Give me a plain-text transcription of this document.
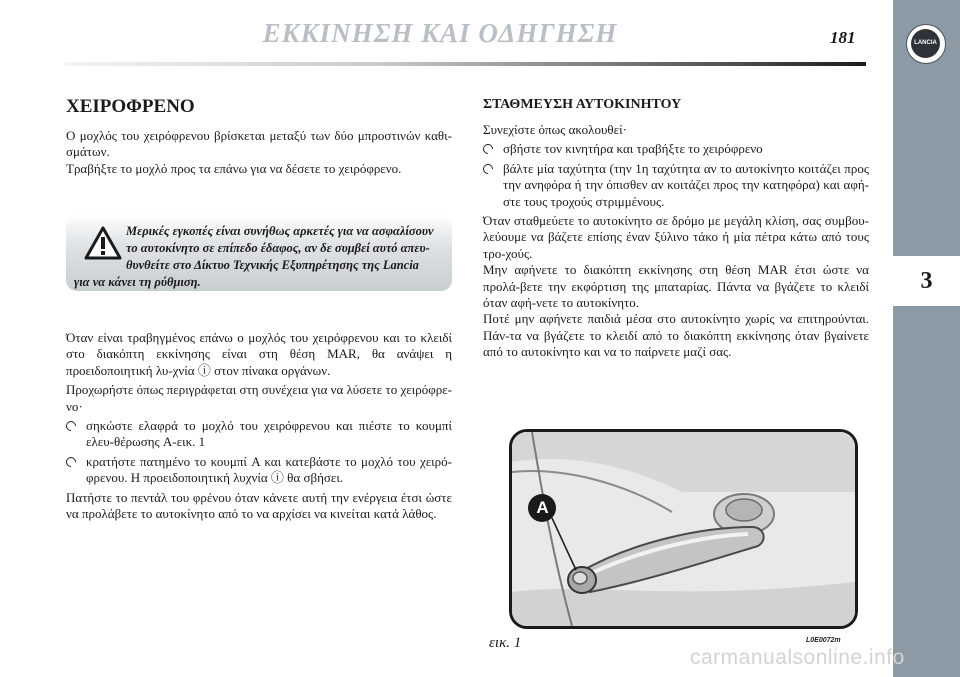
ΕΚΚΙΝΗΣΗ ΚΑΙ ΟΔΗΓΗΣΗ	181	LANCIA
3
ΧΕΙΡΟΦΡΕΝΟ

Ο μοχλός του χειρόφρενου βρίσκεται μεταξύ των δύο μπροστινών καθι-σμάτων.

Τραβήξτε το μοχλό προς τα επάνω για να δέσετε το χειρόφρενο.

Μερικές εγκοπές είναι συνήθως αρκετές για να ασφαλίσουν
το αυτοκίνητο σε επίπεδο έδαφος, αν δε συμβεί αυτό απευ-
θυνθείτε στο Δίκτυο Τεχνικής Εξυπηρέτησης της Lancia
για να κάνει τη ρύθμιση.

Όταν είναι τραβηγμένος επάνω ο μοχλός του χειρόφρενου και το κλειδί στο διακόπτη εκκίνησης είναι στη θέση MAR, θα ανάψει η προειδοποιητική λυ-χνία ⓘ στον πίνακα οργάνων.

Προχωρήστε όπως περιγράφεται στη συνέχεια για να λύσετε το χειρόφρε-νο·

σηκώστε ελαφρά το μοχλό του χειρόφρενου και πιέστε το κουμπί ελευ-θέρωσης A-εικ. 1
κρατήστε πατημένο το κουμπί A και κατεβάστε το μοχλό του χειρό-φρενου. Η προειδοποιητική λυχνία ⓘ θα σβήσει.

Πατήστε το πεντάλ του φρένου όταν κάνετε αυτή την ενέργεια έτσι ώστε να προλάβετε το αυτοκίνητο από το να αρχίσει να κινείται κατά λάθος.

ΣΤΑΘΜΕΥΣΗ ΑΥΤΟΚΙΝΗΤΟΥ

Συνεχίστε όπως ακολουθεί·

σβήστε τον κινητήρα και τραβήξτε το χειρόφρενο
βάλτε μία ταχύτητα (την 1η ταχύτητα αν το αυτοκίνητο κοιτάζει προς την ανηφόρα ή την όπισθεν αν κοιτάζει προς την κατηφόρα) και αφή-στε τους τροχούς στριμμένους.

Όταν σταθμεύετε το αυτοκίνητο σε δρόμο με μεγάλη κλίση, σας συμβου-λεύουμε να βάζετε επίσης έναν ξύλινο τάκο ή μία πέτρα κάτω από τους τρο-χούς.

Μην αφήνετε το διακόπτη εκκίνησης στη θέση MAR έτσι ώστε να προλά-βετε την εκφόρτιση της μπαταρίας. Πάντα να βγάζετε το κλειδί όταν αφή-νετε το αυτοκίνητο.

Ποτέ μην αφήνετε παιδιά μέσα στο αυτοκίνητο χωρίς να επιτηρούνται. Πάν-τα να βγάζετε το κλειδί από το διακόπτη εκκίνησης όταν βγαίνετε από το αυτοκίνητο και να το παίρνετε μαζί σας.

A
εικ. 1	L0E0072m
carmanualsonline.info
